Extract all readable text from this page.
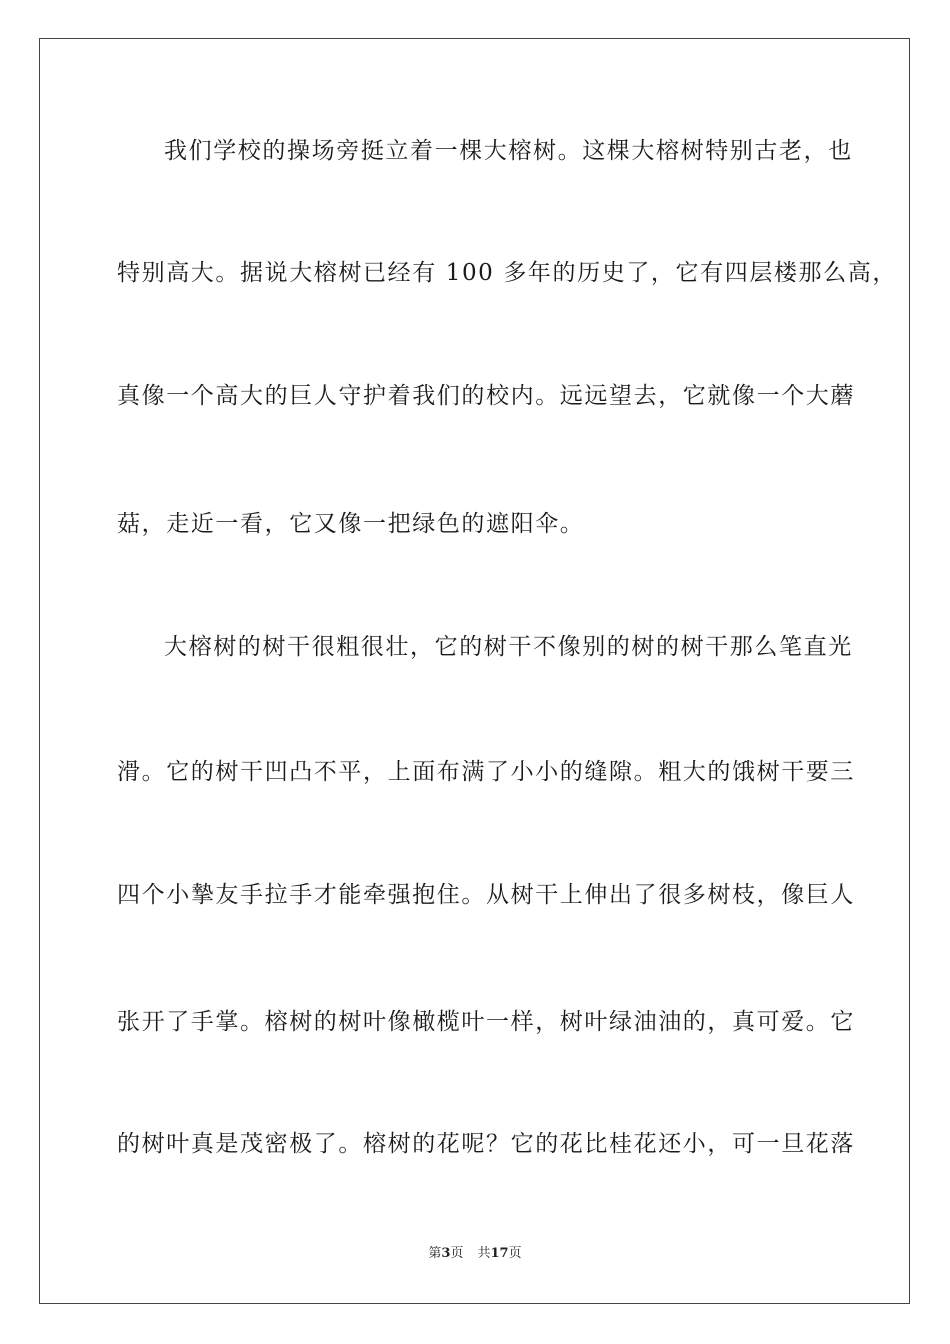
我们学校的操场旁挺立着一棵大榕树。这棵大榕树特别古老，也
特别高大。据说大榕树已经有 100 多年的历史了，它有四层楼那么高，
真像一个高大的巨人守护着我们的校内。远远望去，它就像一个大蘑
菇，走近一看，它又像一把绿色的遮阳伞。
大榕树的树干很粗很壮，它的树干不像别的树的树干那么笔直光
滑。它的树干凹凸不平，上面布满了小小的缝隙。粗大的饿树干要三
四个小摯友手拉手才能牵强抱住。从树干上伸出了很多树枝，像巨人
张开了手掌。榕树的树叶像橄榄叶一样，树叶绿油油的，真可爱。它
的树叶真是茂密极了。榕树的花呢？它的花比桂花还小，可一旦花落
第3页 共17页
